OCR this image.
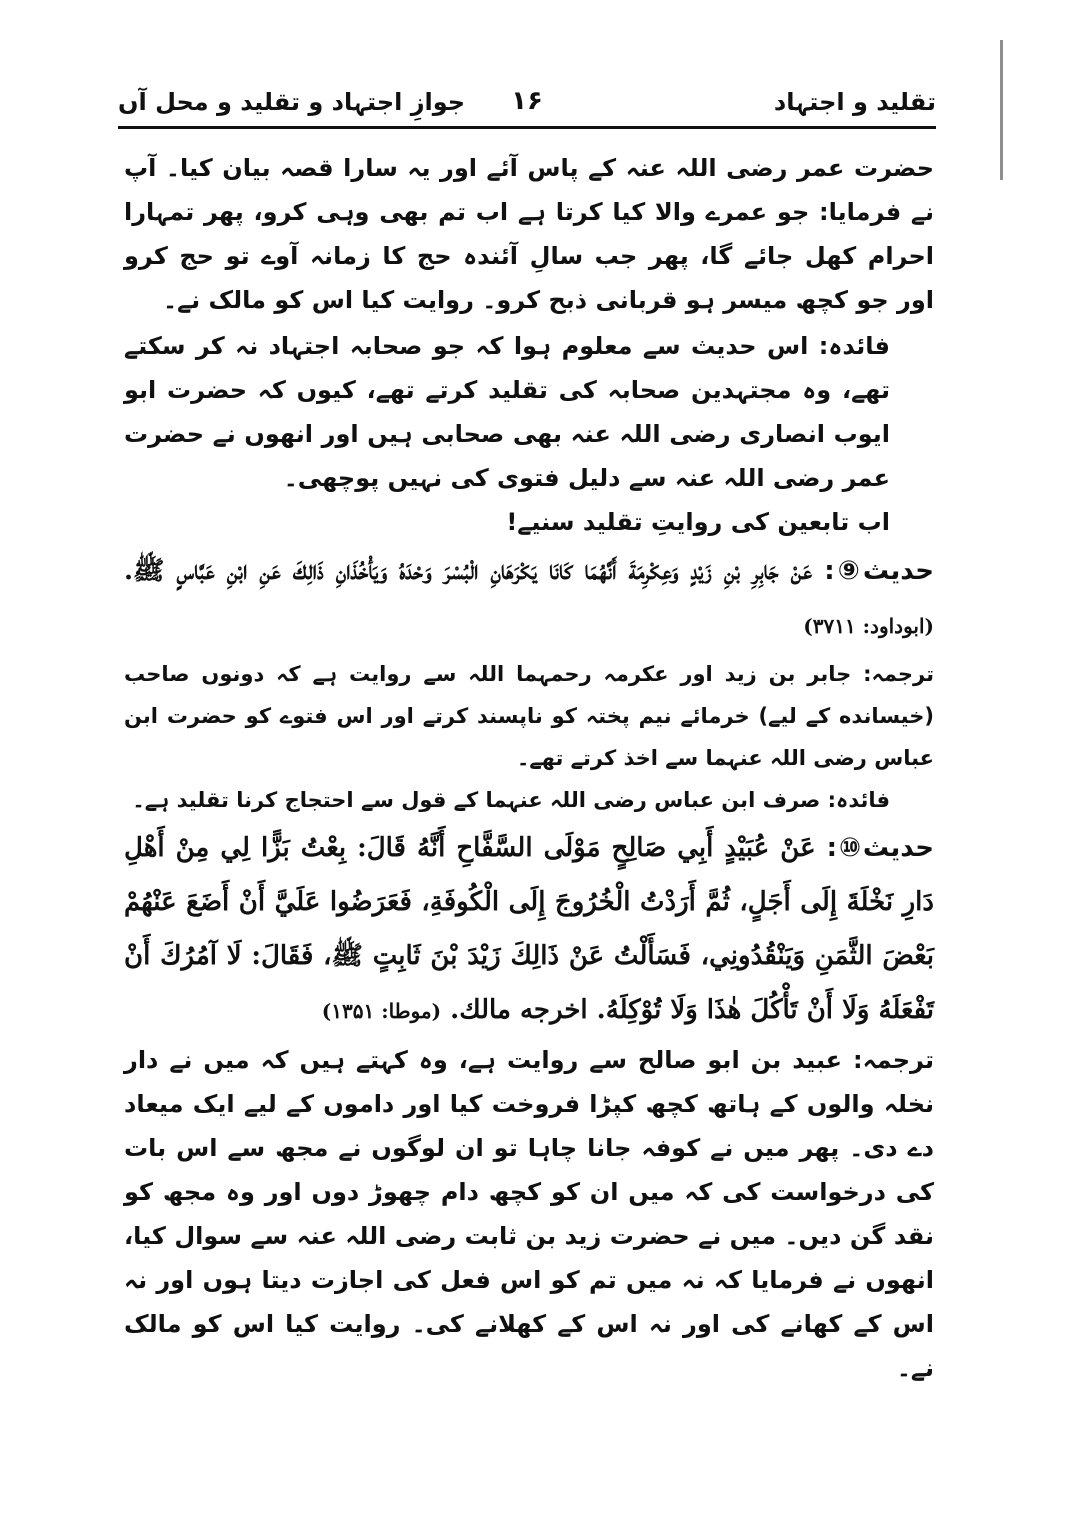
تقلید و اجتہاد
۱۶
جوازِ اجتہاد و تقلید و محل آں

حضرت عمر رضی اللہ عنہ کے پاس آئے اور یہ سارا قصہ بیان کیا۔ آپ نے فرمایا: جو عمرے والا کیا کرتا ہے اب تم بھی وہی کرو، پھر تمہارا احرام کھل جائے گا، پھر جب سالِ آئندہ حج کا زمانہ آوے تو حج کرو اور جو کچھ میسر ہو قربانی ذبح کرو۔ روایت کیا اس کو مالک نے۔

فائدہ: اس حدیث سے معلوم ہوا کہ جو صحابہ اجتہاد نہ کر سکتے تھے، وہ مجتہدین صحابہ کی تقلید کرتے تھے، کیوں کہ حضرت ابو ایوب انصاری رضی اللہ عنہ بھی صحابی ہیں اور انھوں نے حضرت عمر رضی اللہ عنہ سے دلیل فتوی کی نہیں پوچھی۔

اب تابعین کی روایتِ تقلید سنیے!

حدیث⑨: عَنْ جَابِرِ بْنِ زَيْدٍ وَعِكْرِمَةَ أَنَّهُمَا كَانَا يَكْرَهَانِ الْبُسْرَ وَحْدَهُ وَيَأْخُذَانِ ذَالِكَ عَنِ ابْنِ عَبَّاسٍ ﷺ. (ابوداود: ۳۷۱۱)

ترجمہ: جابر بن زید اور عکرمہ رحمہما اللہ سے روایت ہے کہ دونوں صاحب (خیسانده کے لیے) خرمائے نیم پختہ کو ناپسند کرتے اور اس فتوے کو حضرت ابن عباس رضی اللہ عنہما سے اخذ کرتے تھے۔

فائدہ: صرف ابن عباس رضی اللہ عنہما کے قول سے احتجاج کرنا تقلید ہے۔

حدیث⑩: عَنْ عُبَيْدٍ أَبِي صَالِحٍ مَوْلَى السَّفَّاحِ أَنَّهُ قَالَ: بِعْتُ بَزًّا لِي مِنْ أَهْلِ دَارِ نَخْلَةَ إِلَى أَجَلٍ، ثُمَّ أَرَدْتُ الْخُرُوجَ إِلَى الْكُوفَةِ، فَعَرَضُوا عَلَيَّ أَنْ أَضَعَ عَنْهُمْ بَعْضَ الثَّمَنِ وَيَنْقُدُونِي، فَسَأَلْتُ عَنْ ذَالِكَ زَيْدَ بْنَ ثَابِتٍ ﷺ، فَقَالَ: لَا آمُرُكَ أَنْ تَفْعَلَهُ وَلَا أَنْ تَأْكُلَ هٰذَا وَلَا تُوْكِلَهُ. اخرجه مالك. (موطا: ۱۳۵۱)

ترجمہ: عبید بن ابو صالح سے روایت ہے، وہ کہتے ہیں کہ میں نے دار نخلہ والوں کے ہاتھ کچھ کپڑا فروخت کیا اور داموں کے لیے ایک میعاد دے دی۔ پھر میں نے کوفہ جانا چاہا تو ان لوگوں نے مجھ سے اس بات کی درخواست کی کہ میں ان کو کچھ دام چھوڑ دوں اور وہ مجھ کو نقد گن دیں۔ میں نے حضرت زید بن ثابت رضی اللہ عنہ سے سوال کیا، انھوں نے فرمایا کہ نہ میں تم کو اس فعل کی اجازت دیتا ہوں اور نہ اس کے کھانے کی اور نہ اس کے کھلانے کی۔ روایت کیا اس کو مالک نے۔
